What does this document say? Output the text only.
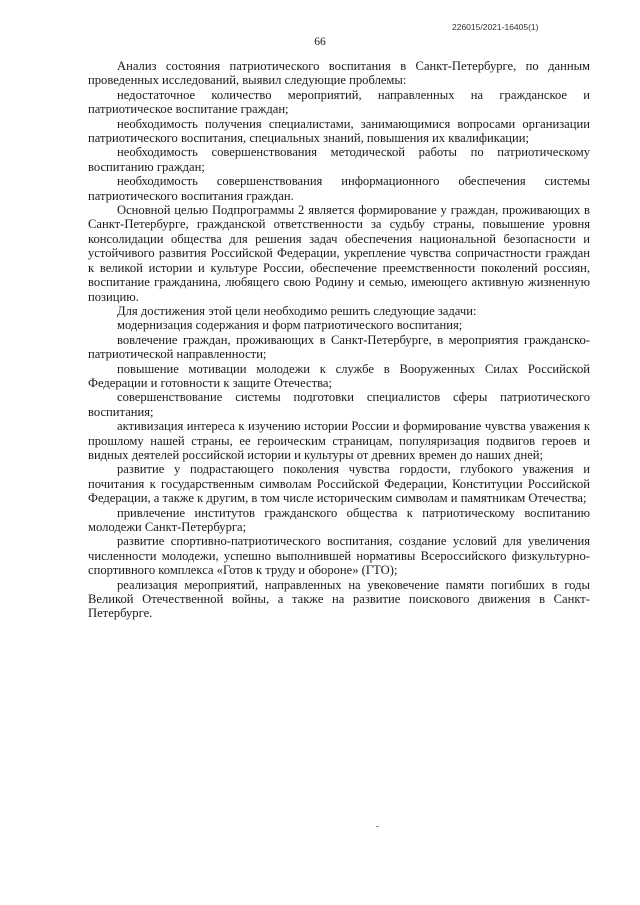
226015/2021-16405(1)
66

Анализ состояния патриотического воспитания в Санкт-Петербурге, по данным проведенных исследований, выявил следующие проблемы:

недостаточное количество мероприятий, направленных на гражданское и патриотическое воспитание граждан;

необходимость получения специалистами, занимающимися вопросами организации патриотического воспитания, специальных знаний, повышения их квалификации;

необходимость совершенствования методической работы по патриотическому воспитанию граждан;

необходимость совершенствования информационного обеспечения системы патриотического воспитания граждан.

Основной целью Подпрограммы 2 является формирование у граждан, проживающих в Санкт-Петербурге, гражданской ответственности за судьбу страны, повышение уровня консолидации общества для решения задач обеспечения национальной безопасности и устойчивого развития Российской Федерации, укрепление чувства сопричастности граждан к великой истории и культуре России, обеспечение преемственности поколений россиян, воспитание гражданина, любящего свою Родину и семью, имеющего активную жизненную позицию.

Для достижения этой цели необходимо решить следующие задачи:

модернизация содержания и форм патриотического воспитания;

вовлечение граждан, проживающих в Санкт-Петербурге, в мероприятия гражданско-патриотической направленности;

повышение мотивации молодежи к службе в Вооруженных Силах Российской Федерации и готовности к защите Отечества;

совершенствование системы подготовки специалистов сферы патриотического воспитания;

активизация интереса к изучению истории России и формирование чувства уважения к прошлому нашей страны, ее героическим страницам, популяризация подвигов героев и видных деятелей российской истории и культуры от древних времен до наших дней;

развитие у подрастающего поколения чувства гордости, глубокого уважения и почитания к государственным символам Российской Федерации, Конституции Российской Федерации, а также к другим, в том числе историческим символам и памятникам Отечества;

привлечение институтов гражданского общества к патриотическому воспитанию молодежи Санкт-Петербурга;

развитие спортивно-патриотического воспитания, создание условий для увеличения численности молодежи, успешно выполнившей нормативы Всероссийского физкультурно-спортивного комплекса «Готов к труду и обороне» (ГТО);

реализация мероприятий, направленных на увековечение памяти погибших в годы Великой Отечественной войны, а также на развитие поискового движения в Санкт-Петербурге.
